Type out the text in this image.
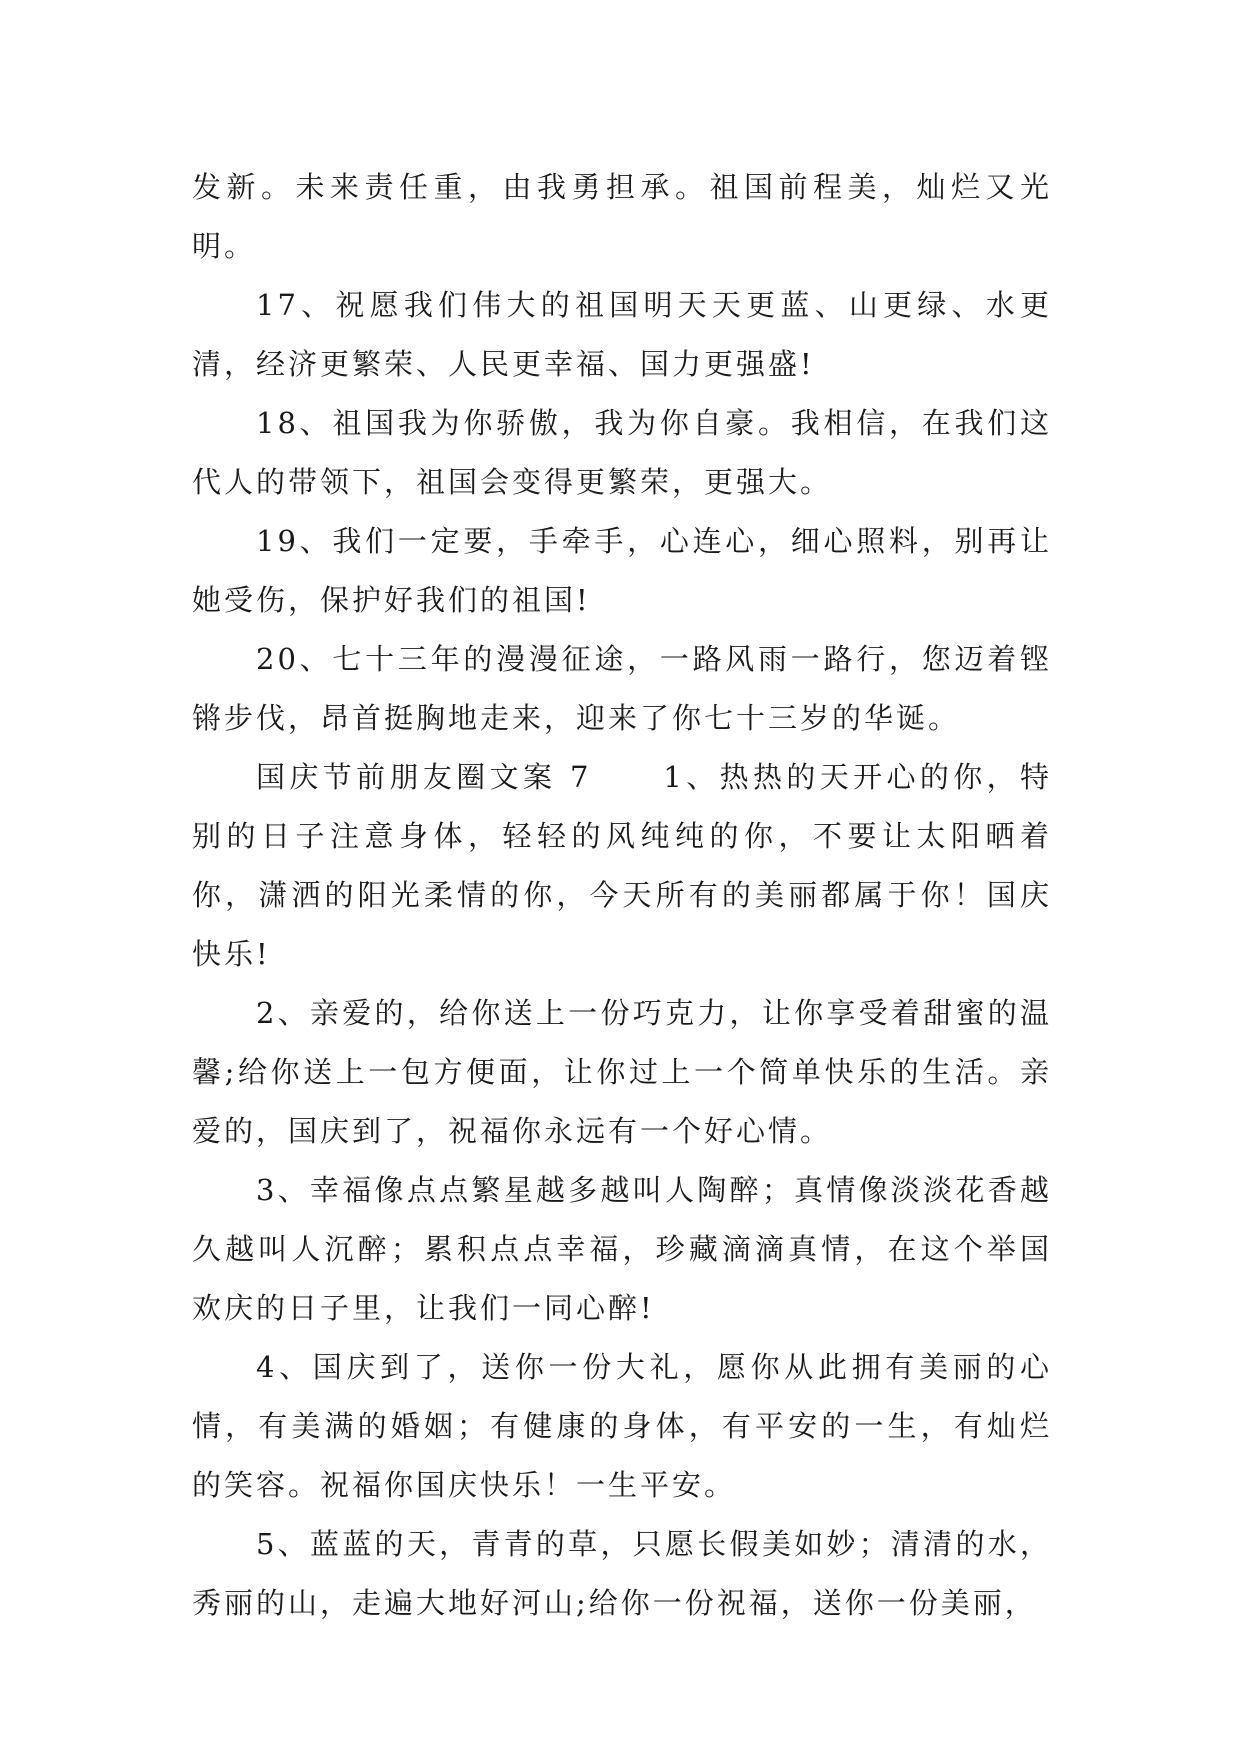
发新。未来责任重，由我勇担承。祖国前程美，灿烂又光明。

17、祝愿我们伟大的祖国明天天更蓝、山更绿、水更清，经济更繁荣、人民更幸福、国力更强盛!

18、祖国我为你骄傲，我为你自豪。我相信，在我们这代人的带领下，祖国会变得更繁荣，更强大。

19、我们一定要，手牵手，心连心，细心照料，别再让她受伤，保护好我们的祖国!

20、七十三年的漫漫征途，一路风雨一路行，您迈着铿锵步伐，昂首挺胸地走来，迎来了你七十三岁的华诞。

国庆节前朋友圈文案 7 1、热热的天开心的你，特别的日子注意身体，轻轻的风纯纯的你，不要让太阳晒着你，潇洒的阳光柔情的你，今天所有的美丽都属于你！国庆快乐!

2、亲爱的，给你送上一份巧克力，让你享受着甜蜜的温馨;给你送上一包方便面，让你过上一个简单快乐的生活。亲爱的，国庆到了，祝福你永远有一个好心情。

3、幸福像点点繁星越多越叫人陶醉；真情像淡淡花香越久越叫人沉醉；累积点点幸福，珍藏滴滴真情，在这个举国欢庆的日子里，让我们一同心醉!

4、国庆到了，送你一份大礼，愿你从此拥有美丽的心情，有美满的婚姻；有健康的身体，有平安的一生，有灿烂的笑容。祝福你国庆快乐！一生平安。

5、蓝蓝的天，青青的草，只愿长假美如妙；清清的水，秀丽的山，走遍大地好河山;给你一份祝福，送你一份美丽，
